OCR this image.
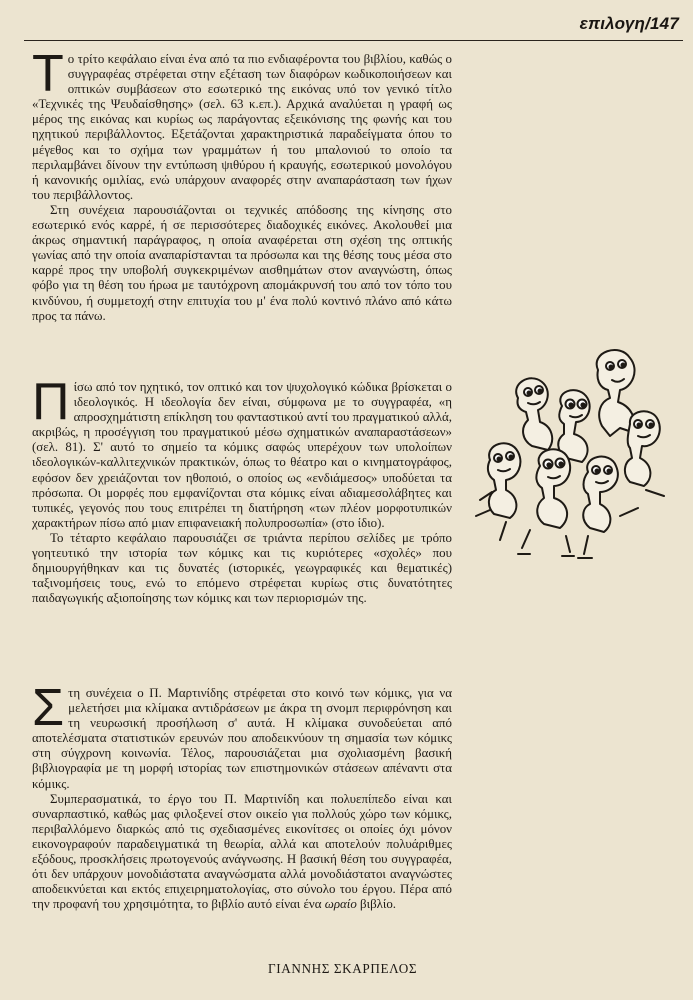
επιλογη/147

Το τρίτο κεφάλαιο είναι ένα από τα πιο ενδιαφέροντα του βιβλίου, καθώς ο συγγραφέας στρέφεται στην εξέταση των διαφόρων κωδικοποιήσεων και οπτικών συμβάσεων στο εσωτερικό της εικόνας υπό τον γενικό τίτλο «Τεχνικές της Ψευδαίσθησης» (σελ. 63 κ.επ.). Αρχικά αναλύεται η γραφή ως μέρος της εικόνας και κυρίως ως παράγοντας εξεικόνισης της φωνής και του ηχητικού περιβάλλοντος. Εξετάζονται χαρακτηριστικά παραδείγματα όπου το μέγεθος και το σχήμα των γραμμάτων ή του μπαλονιού το οποίο τα περιλαμβάνει δίνουν την εντύπωση ψιθύρου ή κραυγής, εσωτερικού μονολόγου ή κανονικής ομιλίας, ενώ υπάρχουν αναφορές στην αναπαράσταση των ήχων του περιβάλλοντος.

Στη συνέχεια παρουσιάζονται οι τεχνικές απόδοσης της κίνησης στο εσωτερικό ενός καρρέ, ή σε περισσότερες διαδοχικές εικόνες. Ακολουθεί μια άκρως σημαντική παράγραφος, η οποία αναφέρεται στη σχέση της οπτικής γωνίας από την οποία αναπαρίστανται τα πρόσωπα και της θέσης τους μέσα στο καρρέ προς την υποβολή συγκεκριμένων αισθημάτων στον αναγνώστη, όπως φόβο για τη θέση του ήρωα με ταυτόχρονη απομάκρυνσή του από τον τόπο του κινδύνου, ή συμμετοχή στην επιτυχία του μ' ένα πολύ κοντινό πλάνο από κάτω προς τα πάνω.

Πίσω από τον ηχητικό, τον οπτικό και τον ψυχολογικό κώδικα βρίσκεται ο ιδεολογικός. Η ιδεολογία δεν είναι, σύμφωνα με το συγγραφέα, «η απροσχημάτιστη επίκληση του φανταστικού αντί του πραγματικού αλλά, ακριβώς, η προσέγγιση του πραγματικού μέσω σχηματικών αναπαραστάσεων» (σελ. 81). Σ' αυτό το σημείο τα κόμικς σαφώς υπερέχουν των υπολοίπων ιδεολογικών-καλλιτεχνικών πρακτικών, όπως το θέατρο και ο κινηματογράφος, εφόσον δεν χρειάζονται τον ηθοποιό, ο οποίος ως «ενδιάμεσος» υποδύεται τα πρόσωπα. Οι μορφές που εμφανίζονται στα κόμικς είναι αδιαμεσολάβητες και τυπικές, γεγονός που τους επιτρέπει τη διατήρηση «των πλέον μορφοτυπικών χαρακτήρων πίσω από μιαν επιφανειακή πολυπροσωπία» (στο ίδιο).

Το τέταρτο κεφάλαιο παρουσιάζει σε τριάντα περίπου σελίδες με τρόπο γοητευτικό την ιστορία των κόμικς και τις κυριότερες «σχολές» που δημιουργήθηκαν και τις δυνατές (ιστορικές, γεωγραφικές και θεματικές) ταξινομήσεις τους, ενώ το επόμενο στρέφεται κυρίως στις δυνατότητες παιδαγωγικής αξιοποίησης των κόμικς και των περιορισμών της.

Στη συνέχεια ο Π. Μαρτινίδης στρέφεται στο κοινό των κόμικς, για να μελετήσει μια κλίμακα αντιδράσεων με άκρα τη σνομπ περιφρόνηση και τη νευρωσική προσήλωση σ' αυτά. Η κλίμακα συνοδεύεται από αποτελέσματα στατιστικών ερευνών που αποδεικνύουν τη σημασία των κόμικς στη σύγχρονη κοινωνία. Τέλος, παρουσιάζεται μια σχολιασμένη βασική βιβλιογραφία με τη μορφή ιστορίας των επιστημονικών στάσεων απέναντι στα κόμικς.

Συμπερασματικά, το έργο του Π. Μαρτινίδη και πολυεπίπεδο είναι και συναρπαστικό, καθώς μας φιλοξενεί στον οικείο για πολλούς χώρο των κόμικς, περιβαλλόμενο διαρκώς από τις σχεδιασμένες εικονίτσες οι οποίες όχι μόνον εικονογραφούν παραδειγματικά τη θεωρία, αλλά και αποτελούν πολυάριθμες εξόδους, προσκλήσεις πρωτογενούς ανάγνωσης. Η βασική θέση του συγγραφέα, ότι δεν υπάρχουν μονοδιάστατα αναγνώσματα αλλά μονοδιάστατοι αναγνώστες αποδεικνύεται και εκτός επιχειρηματολογίας, στο σύνολο του έργου. Πέρα από την προφανή του χρησιμότητα, το βιβλίο αυτό είναι ένα ωραίο βιβλίο.

ΓΙΑΝΝΗΣ ΣΚΑΡΠΕΛΟΣ
